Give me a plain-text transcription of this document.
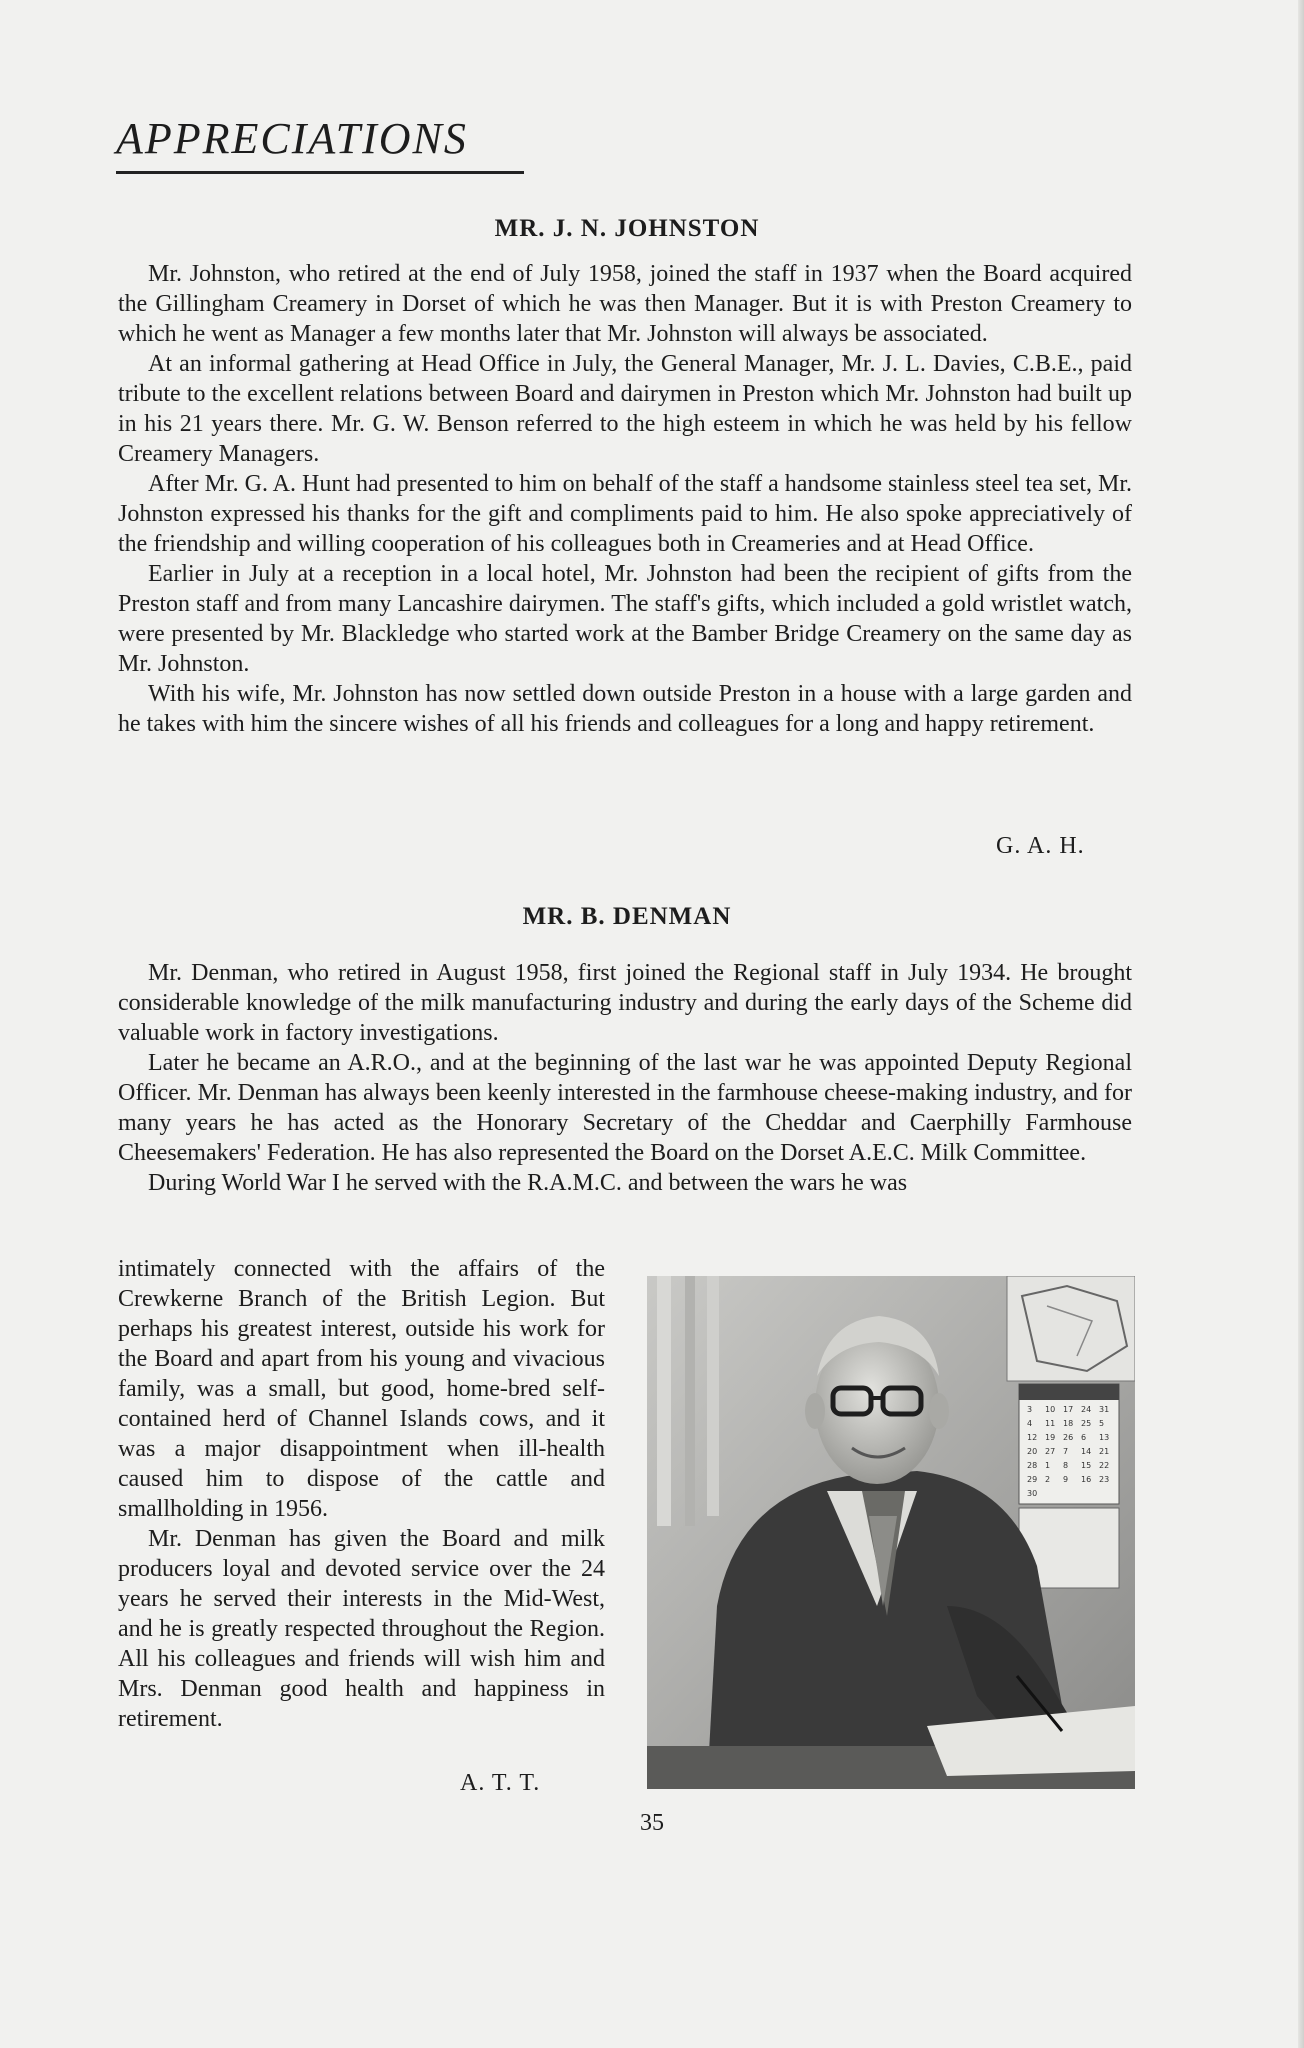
APPRECIATIONS
MR. J. N. JOHNSTON

Mr. Johnston, who retired at the end of July 1958, joined the staff in 1937 when the Board acquired the Gillingham Creamery in Dorset of which he was then Manager. But it is with Preston Creamery to which he went as Manager a few months later that Mr. Johnston will always be associated.

At an informal gathering at Head Office in July, the General Manager, Mr. J. L. Davies, C.B.E., paid tribute to the excellent relations between Board and dairymen in Preston which Mr. Johnston had built up in his 21 years there. Mr. G. W. Benson referred to the high esteem in which he was held by his fellow Creamery Managers.

After Mr. G. A. Hunt had presented to him on behalf of the staff a handsome stainless steel tea set, Mr. Johnston expressed his thanks for the gift and compliments paid to him. He also spoke appreciatively of the friendship and willing cooperation of his colleagues both in Creameries and at Head Office.

Earlier in July at a reception in a local hotel, Mr. Johnston had been the recipient of gifts from the Preston staff and from many Lancashire dairymen. The staff's gifts, which included a gold wristlet watch, were presented by Mr. Blackledge who started work at the Bamber Bridge Creamery on the same day as Mr. Johnston.

With his wife, Mr. Johnston has now settled down outside Preston in a house with a large garden and he takes with him the sincere wishes of all his friends and colleagues for a long and happy retirement.

G. A. H.
MR. B. DENMAN

Mr. Denman, who retired in August 1958, first joined the Regional staff in July 1934. He brought considerable knowledge of the milk manufacturing industry and during the early days of the Scheme did valuable work in factory investigations.

Later he became an A.R.O., and at the beginning of the last war he was appointed Deputy Regional Officer. Mr. Denman has always been keenly interested in the farmhouse cheese-making industry, and for many years he has acted as the Honorary Secretary of the Cheddar and Caerphilly Farmhouse Cheesemakers' Federation. He has also represented the Board on the Dorset A.E.C. Milk Committee.

During World War I he served with the R.A.M.C. and between the wars he was

intimately connected with the affairs of the Crewkerne Branch of the British Legion. But perhaps his greatest interest, outside his work for the Board and apart from his young and vivacious family, was a small, but good, home-bred self-contained herd of Channel Islands cows, and it was a major disappointment when ill-health caused him to dispose of the cattle and smallholding in 1956.

Mr. Denman has given the Board and milk producers loyal and devoted service over the 24 years he served their interests in the Mid-West, and he is greatly respected throughout the Region. All his colleagues and friends will wish him and Mrs. Denman good health and happiness in retirement.

A. T. T.
3 10 17 24 31
4 11 18 25 5
12 19 26 6 13
20 27 7 14 21
28 1 8 15 22
29 2 9 16 23
30
35
